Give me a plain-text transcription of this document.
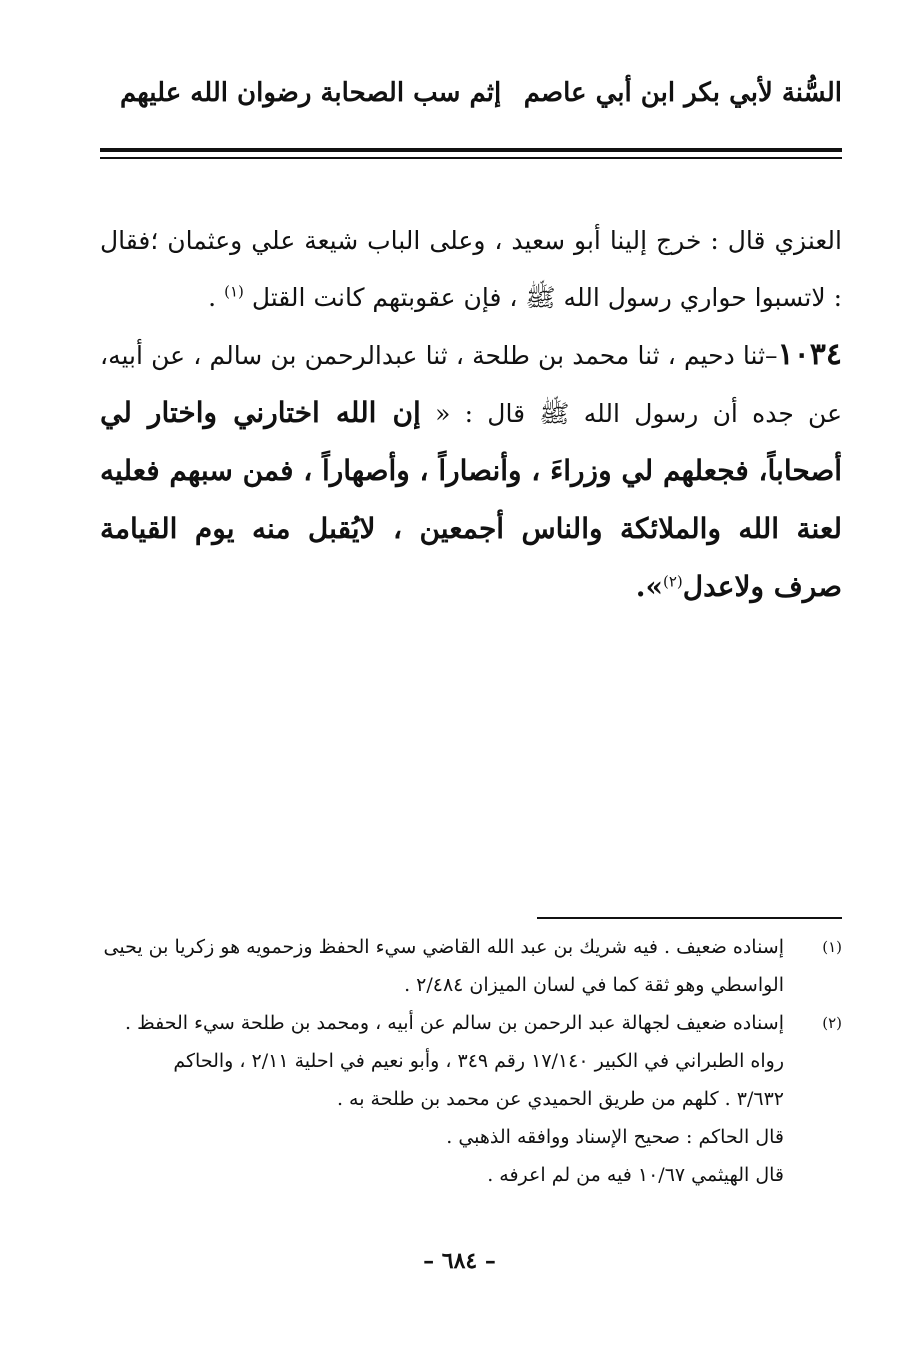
السُّنة لأبي بكر ابن أبي عاصم
إثم سب الصحابة رضوان الله عليهم

العنزي قال : خرج إلينا أبو سعيد ، وعلى الباب شيعة علي وعثمان ؛فقال : لاتسبوا حواري رسول الله ﷺ ، فإن عقوبتهم كانت القتل $^{(١)}$ .

١٠٣٤–ثنا دحيم ، ثنا محمد بن طلحة ، ثنا عبدالرحمن بن سالم ، عن أبيه، عن جده أن رسول الله ﷺ قال : « إن الله اختارني واختار لي أصحاباً، فجعلهم لي وزراءَ ، وأنصاراً ، وأصهاراً ، فمن سبهم فعليه لعنة الله والملائكة والناس أجمعين ، لايُقبل منه يوم القيامة صرف ولاعدل$^{(٢)}$».

(١)
إسناده ضعيف . فيه شريك بن عبد الله القاضي سيء الحفظ وزحمويه هو زكريا بن يحيى
الواسطي وهو ثقة كما في لسان الميزان ٢/٤٨٤ .
(٢)
إسناده ضعيف لجهالة عبد الرحمن بن سالم عن أبيه ، ومحمد بن طلحة سيء الحفظ .
رواه الطبراني في الكبير ١٧/١٤٠ رقم ٣٤٩ ، وأبو نعيم في احلية ٢/١١ ، والحاكم
٣/٦٣٢ . كلهم من طريق الحميدي عن محمد بن طلحة به .
قال الحاكم : صحيح الإسناد ووافقه الذهبي .
قال الهيثمي ١٠/٦٧ فيه من لم اعرفه .
– ٦٨٤ –
